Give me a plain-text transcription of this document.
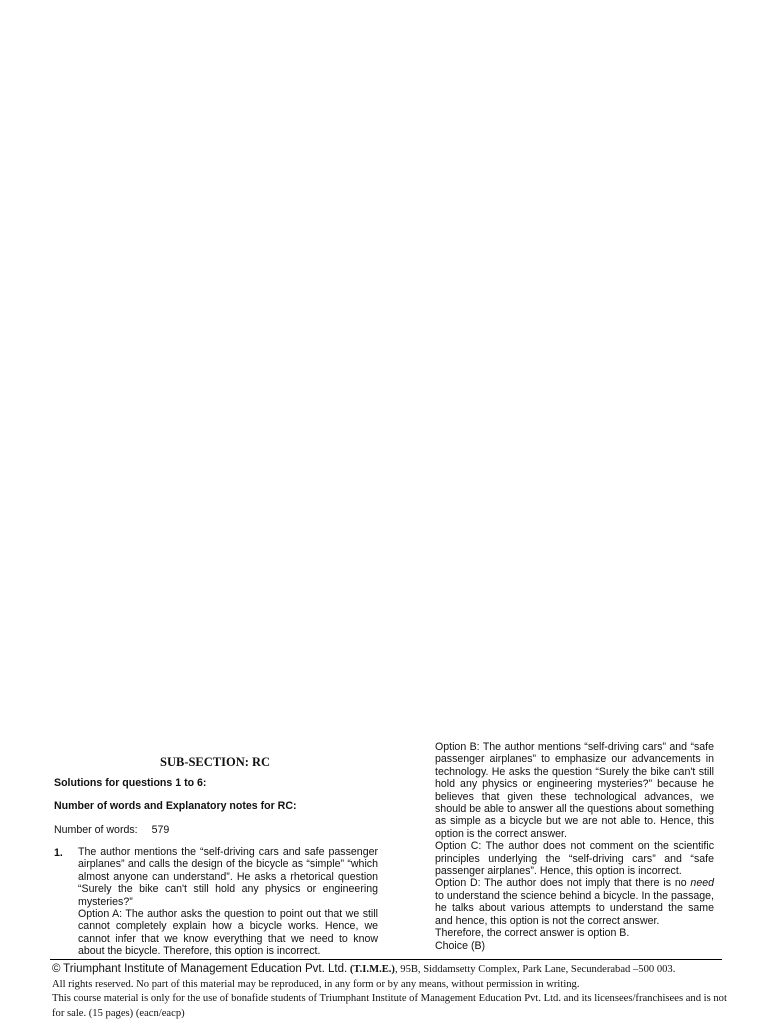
SUB-SECTION: RC
Solutions for questions 1 to 6:
Number of words and Explanatory notes for RC:
Number of words: 579
1. The author mentions the “self-driving cars and safe passenger airplanes” and calls the design of the bicycle as “simple” “which almost anyone can understand”. He asks a rhetorical question “Surely the bike can't still hold any physics or engineering mysteries?”

Option A: The author asks the question to point out that we still cannot completely explain how a bicycle works. Hence, we cannot infer that we know everything that we need to know about the bicycle. Therefore, this option is incorrect.

Option B: The author mentions “self-driving cars” and “safe passenger airplanes” to emphasize our advancements in technology. He asks the question “Surely the bike can't still hold any physics or engineering mysteries?” because he believes that given these technological advances, we should be able to answer all the questions about something as simple as a bicycle but we are not able to. Hence, this option is the correct answer.

Option C: The author does not comment on the scientific principles underlying the “self-driving cars” and “safe passenger airplanes”. Hence, this option is incorrect.

Option D: The author does not imply that there is no need to understand the science behind a bicycle. In the passage, he talks about various attempts to understand the same and hence, this option is not the correct answer.

Therefore, the correct answer is option B.

Choice (B)

© Triumphant Institute of Management Education Pvt. Ltd. (T.I.M.E.), 95B, Siddamsetty Complex, Park Lane, Secunderabad –500 003.
All rights reserved. No part of this material may be reproduced, in any form or by any means, without permission in writing.
This course material is only for the use of bonafide students of Triumphant Institute of Management Education Pvt. Ltd. and its licensees/franchisees and is not for sale. (15 pages) (eacn/eacp)
